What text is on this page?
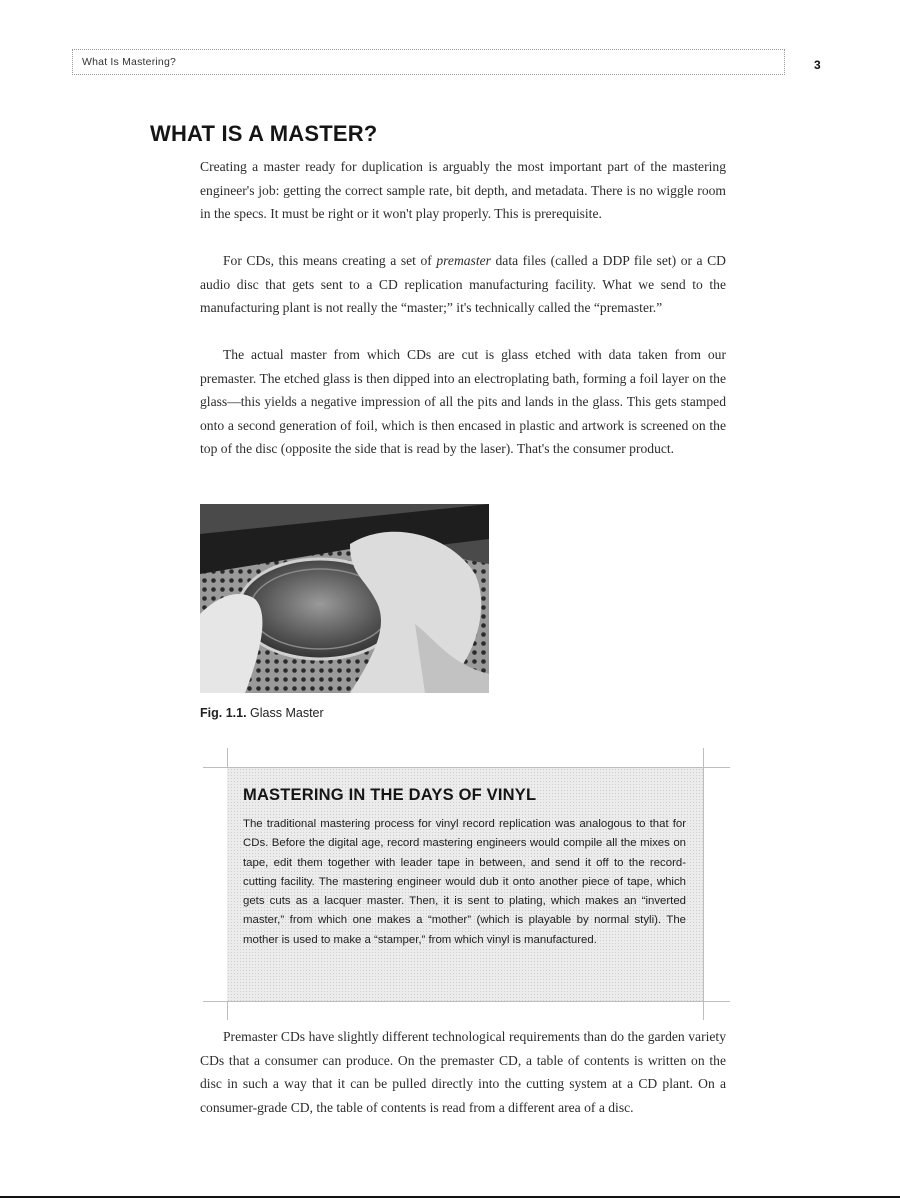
What Is Mastering?	3
WHAT IS A MASTER?

Creating a master ready for duplication is arguably the most important part of the mastering engineer's job: getting the correct sample rate, bit depth, and metadata. There is no wiggle room in the specs. It must be right or it won't play properly. This is prerequisite.

For CDs, this means creating a set of premaster data files (called a DDP file set) or a CD audio disc that gets sent to a CD replication manufacturing facility. What we send to the manufacturing plant is not really the “master;” it's technically called the “premaster.”

The actual master from which CDs are cut is glass etched with data taken from our premaster. The etched glass is then dipped into an electroplating bath, forming a foil layer on the glass—this yields a negative impression of all the pits and lands in the glass. This gets stamped onto a second generation of foil, which is then encased in plastic and artwork is screened on the top of the disc (opposite the side that is read by the laser). That's the consumer product.

Fig. 1.1. Glass Master

MASTERING IN THE DAYS OF VINYL

The traditional mastering process for vinyl record replication was analogous to that for CDs. Before the digital age, record mastering engineers would compile all the mixes on tape, edit them together with leader tape in between, and send it off to the record-cutting facility. The mastering engineer would dub it onto another piece of tape, which gets cuts as a lacquer master. Then, it is sent to plating, which makes an “inverted master,” from which one makes a “mother” (which is playable by normal styli). The mother is used to make a “stamper,” from which vinyl is manufactured.

Premaster CDs have slightly different technological requirements than do the garden variety CDs that a consumer can produce. On the premaster CD, a table of contents is written on the disc in such a way that it can be pulled directly into the cutting system at a CD plant. On a consumer-grade CD, the table of contents is read from a different area of a disc.
